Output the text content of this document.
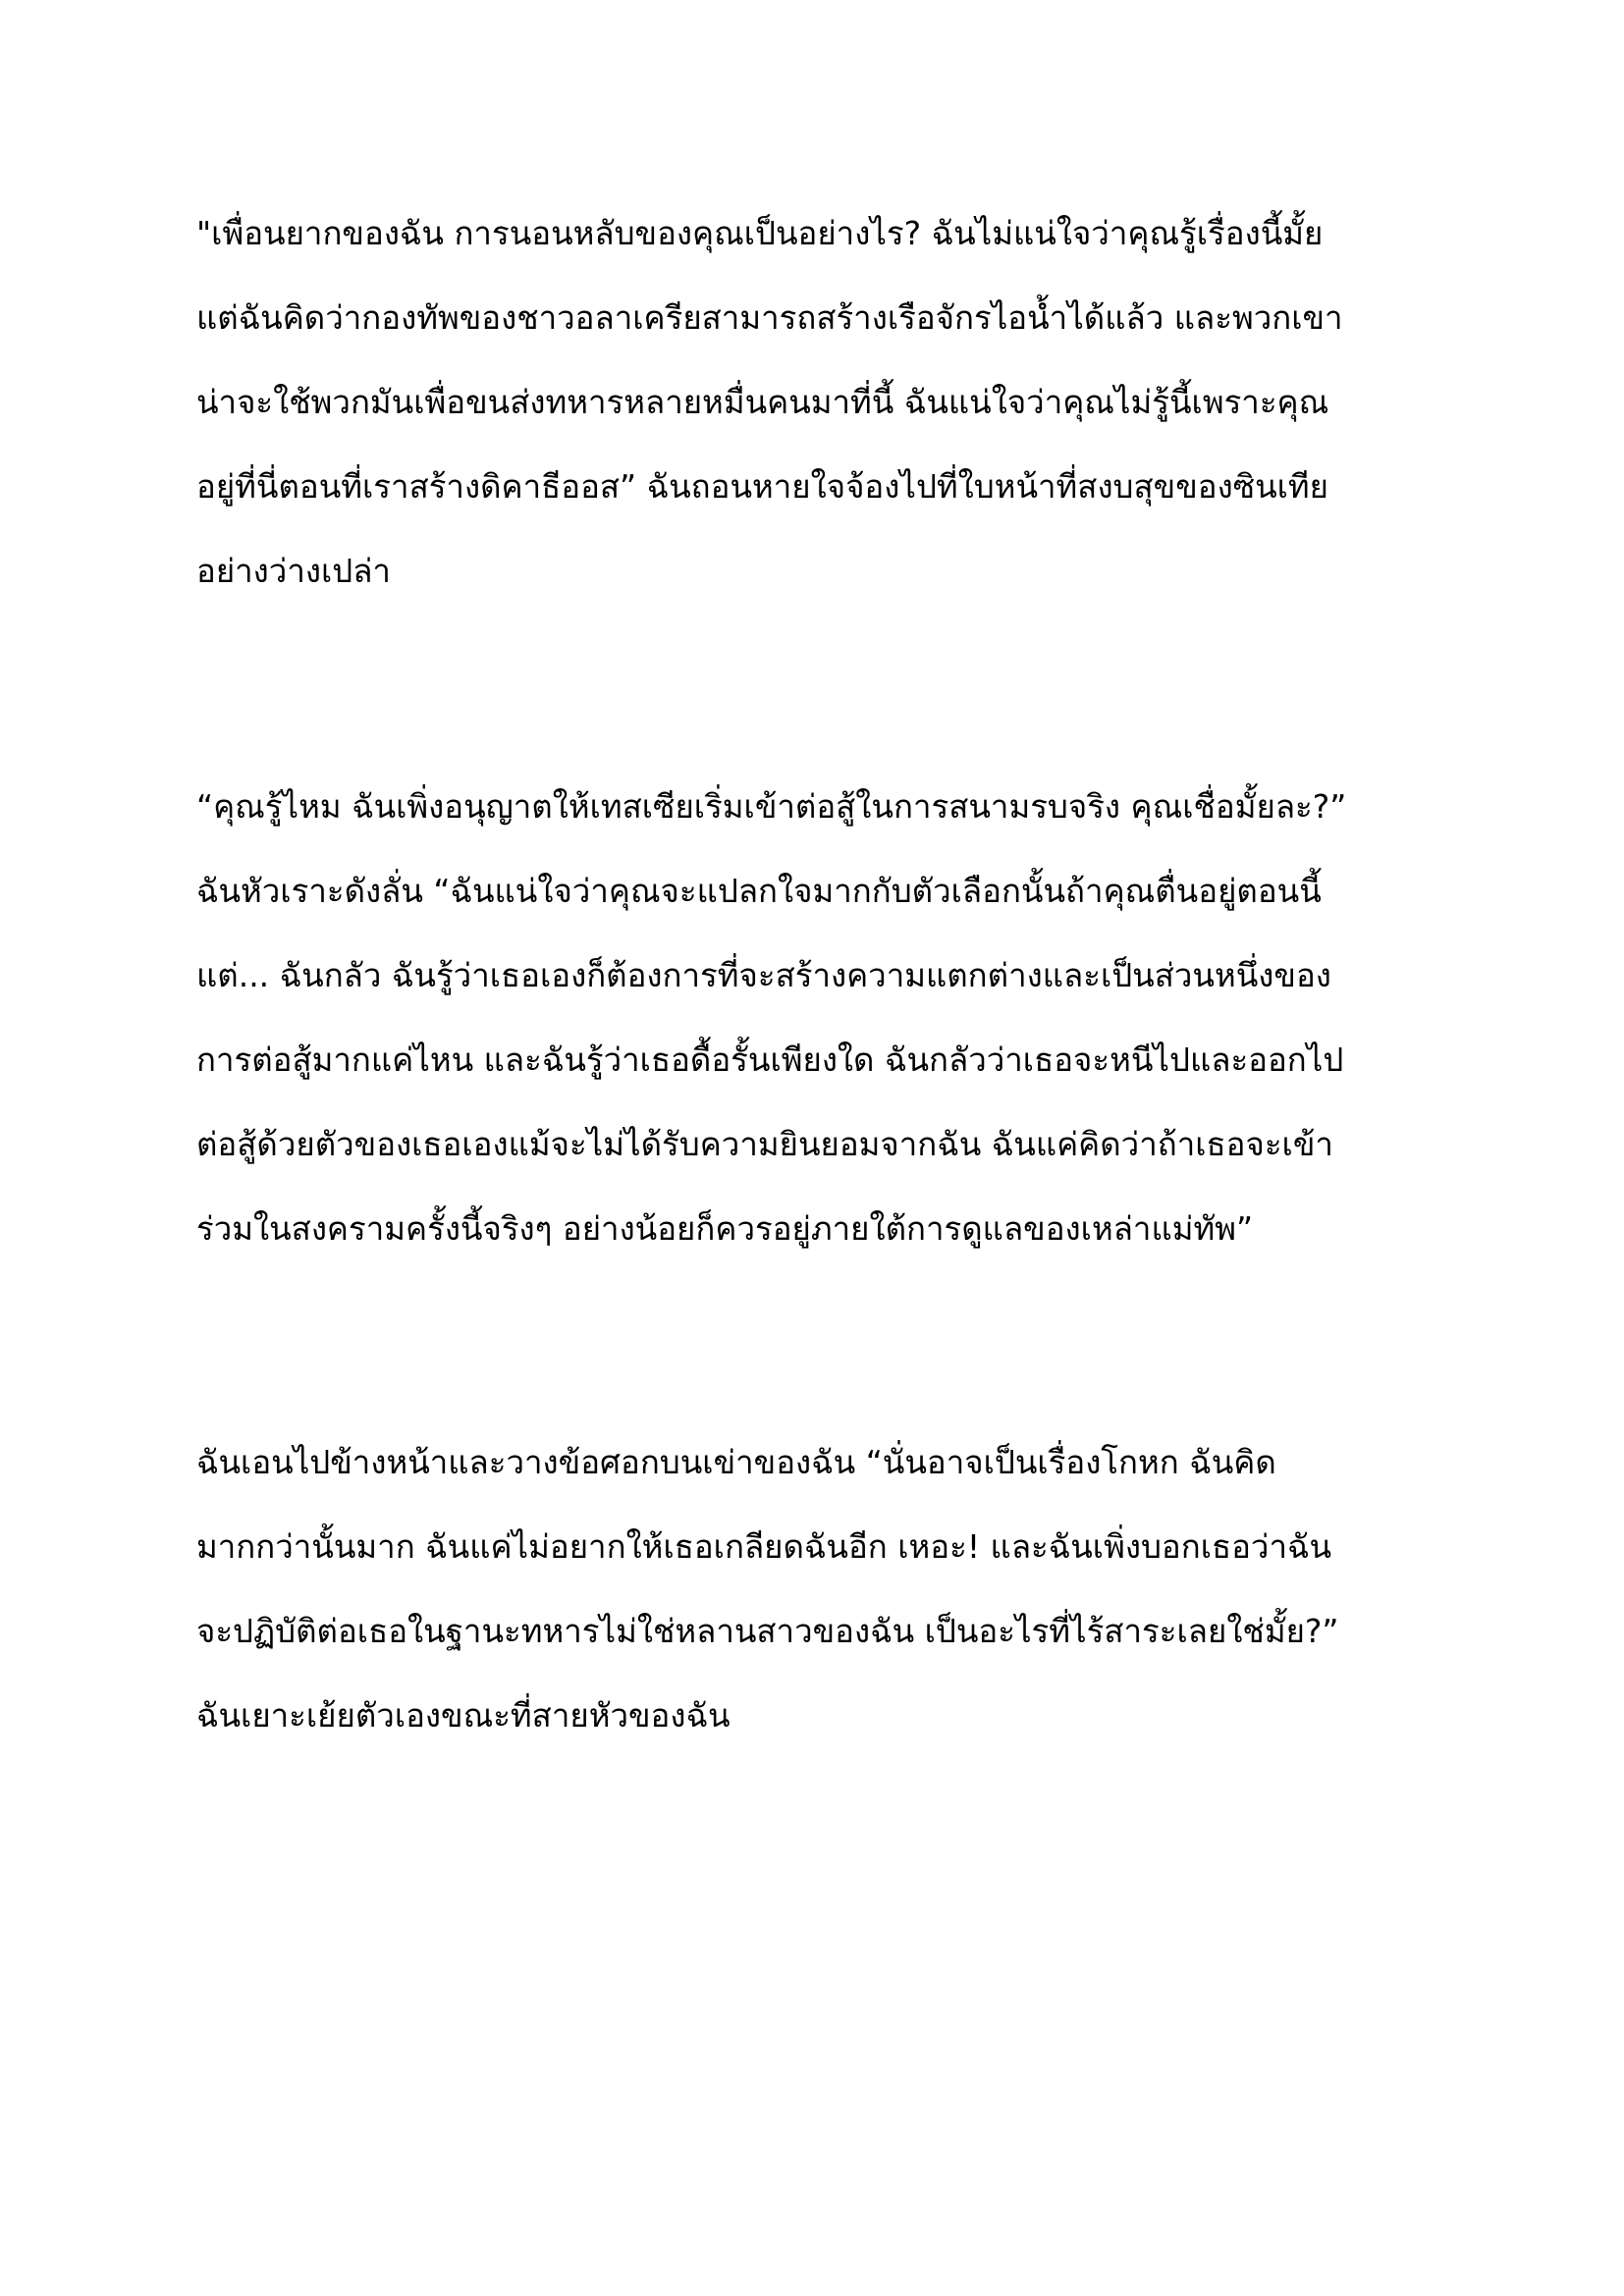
"เพื่อนยากของฉัน การนอนหลับของคุณเป็นอย่างไร? ฉันไม่แน่ใจว่าคุณรู้เรื่องนี้มั้ย

แต่ฉันคิดว่ากองทัพของชาวอลาเครียสามารถสร้างเรือจักรไอน้ำได้แล้ว และพวกเขา

น่าจะใช้พวกมันเพื่อขนส่งทหารหลายหมื่นคนมาที่นี้ ฉันแน่ใจว่าคุณไม่รู้นี้เพราะคุณ

อยู่ที่นี่ตอนที่เราสร้างดิคาธีออส” ฉันถอนหายใจจ้องไปที่ใบหน้าที่สงบสุขของซินเทีย

อย่างว่างเปล่า

“คุณรู้ไหม ฉันเพิ่งอนุญาตให้เทสเซียเริ่มเข้าต่อสู้ในการสนามรบจริง คุณเชื่อมั้ยละ?”

ฉันหัวเราะดังลั่น “ฉันแน่ใจว่าคุณจะแปลกใจมากกับตัวเลือกนั้นถ้าคุณตื่นอยู่ตอนนี้

แต่... ฉันกลัว ฉันรู้ว่าเธอเองก็ต้องการที่จะสร้างความแตกต่างและเป็นส่วนหนึ่งของ

การต่อสู้มากแค่ไหน และฉันรู้ว่าเธอดื้อรั้นเพียงใด ฉันกลัวว่าเธอจะหนีไปและออกไป

ต่อสู้ด้วยตัวของเธอเองแม้จะไม่ได้รับความยินยอมจากฉัน ฉันแค่คิดว่าถ้าเธอจะเข้า

ร่วมในสงครามครั้งนี้จริงๆ อย่างน้อยก็ควรอยู่ภายใต้การดูแลของเหล่าแม่ทัพ”

ฉันเอนไปข้างหน้าและวางข้อศอกบนเข่าของฉัน “นั่นอาจเป็นเรื่องโกหก ฉันคิด

มากกว่านั้นมาก ฉันแค่ไม่อยากให้เธอเกลียดฉันอีก เหอะ! และฉันเพิ่งบอกเธอว่าฉัน

จะปฏิบัติต่อเธอในฐานะทหารไม่ใช่หลานสาวของฉัน เป็นอะไรที่ไร้สาระเลยใช่มั้ย?”

ฉันเยาะเย้ยตัวเองขณะที่สายหัวของฉัน
